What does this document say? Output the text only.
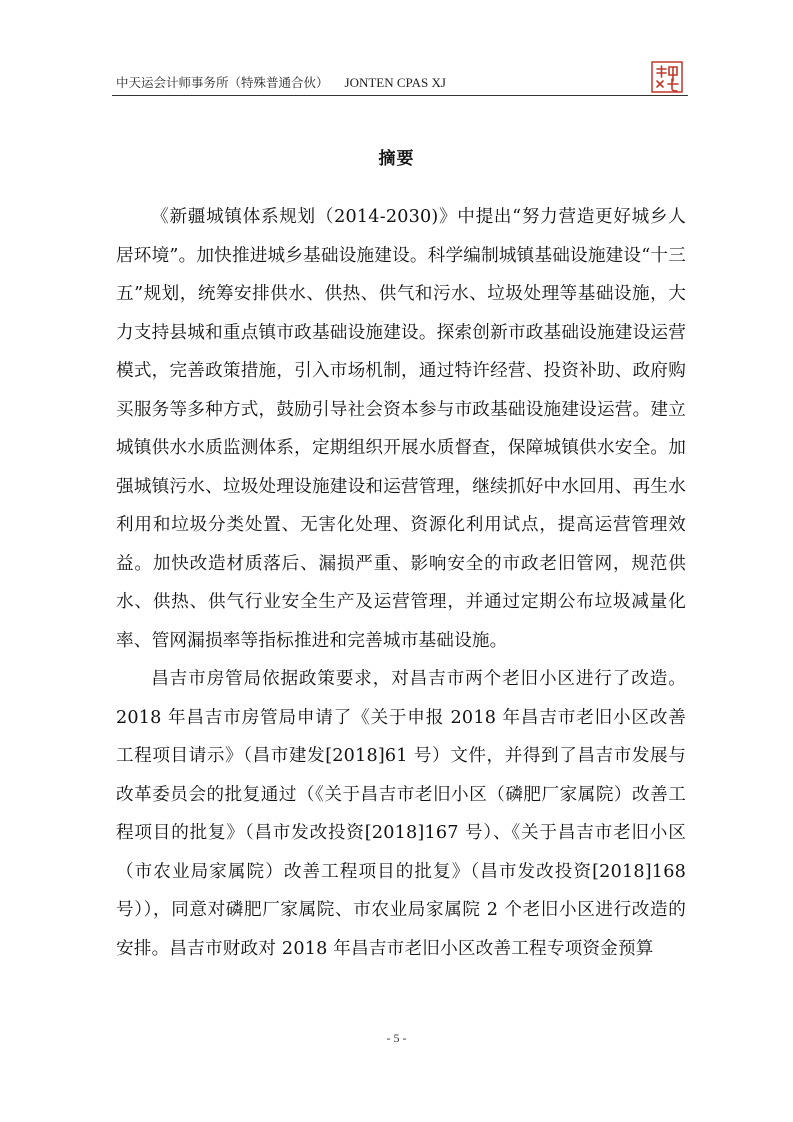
中天运会计师事务所（特殊普通合伙） JONTEN CPAS XJ
摘要

《新疆城镇体系规划（2014-2030)》中提出“努力营造更好城乡人居环境”。加快推进城乡基础设施建设。科学编制城镇基础设施建设“十三五”规划，统筹安排供水、供热、供气和污水、垃圾处理等基础设施，大力支持县城和重点镇市政基础设施建设。探索创新市政基础设施建设运营模式，完善政策措施，引入市场机制，通过特许经营、投资补助、政府购买服务等多种方式，鼓励引导社会资本参与市政基础设施建设运营。建立城镇供水水质监测体系，定期组织开展水质督查，保障城镇供水安全。加强城镇污水、垃圾处理设施建设和运营管理，继续抓好中水回用、再生水利用和垃圾分类处置、无害化处理、资源化利用试点，提高运营管理效益。加快改造材质落后、漏损严重、影响安全的市政老旧管网，规范供水、供热、供气行业安全生产及运营管理，并通过定期公布垃圾减量化率、管网漏损率等指标推进和完善城市基础设施。

昌吉市房管局依据政策要求，对昌吉市两个老旧小区进行了改造。2018 年昌吉市房管局申请了《关于申报 2018 年昌吉市老旧小区改善工程项目请示》（昌市建发[2018]61 号）文件，并得到了昌吉市发展与改革委员会的批复通过（《关于昌吉市老旧小区（磷肥厂家属院）改善工程项目的批复》（昌市发改投资[2018]167 号）、《关于昌吉市老旧小区（市农业局家属院）改善工程项目的批复》（昌市发改投资[2018]168 号）），同意对磷肥厂家属院、市农业局家属院 2 个老旧小区进行改造的安排。昌吉市财政对 2018 年昌吉市老旧小区改善工程专项资金预算

- 5 -
